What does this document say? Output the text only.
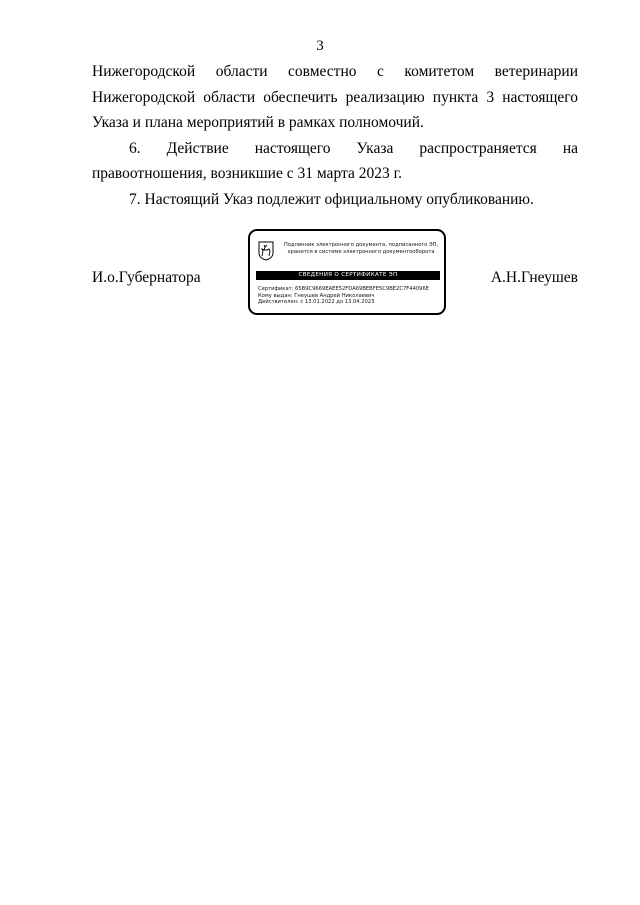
3

Нижегородской области совместно с комитетом ветеринарии Нижегородской области обеспечить реализацию пункта 3 настоящего Указа и плана мероприятий в рамках полномочий.

6. Действие настоящего Указа распространяется на правоотношения, возникшие с 31 марта 2023 г.

7. Настоящий Указ подлежит официальному опубликованию.

И.о.Губернатора
Подлинник электронного документа, подписанного ЭП,
хранится в системе электронного документооборота
СВЕДЕНИЯ О СЕРТИФИКАТЕ ЭП
Сертификат: 65B9C9669EAEE52FDA69BEBFE5C9BE2C7F44096E
Кому выдан: Гнеушев Андрей Николаевич
Действителен: с 13.01.2022 до 13.04.2023
А.Н.Гнеушев
